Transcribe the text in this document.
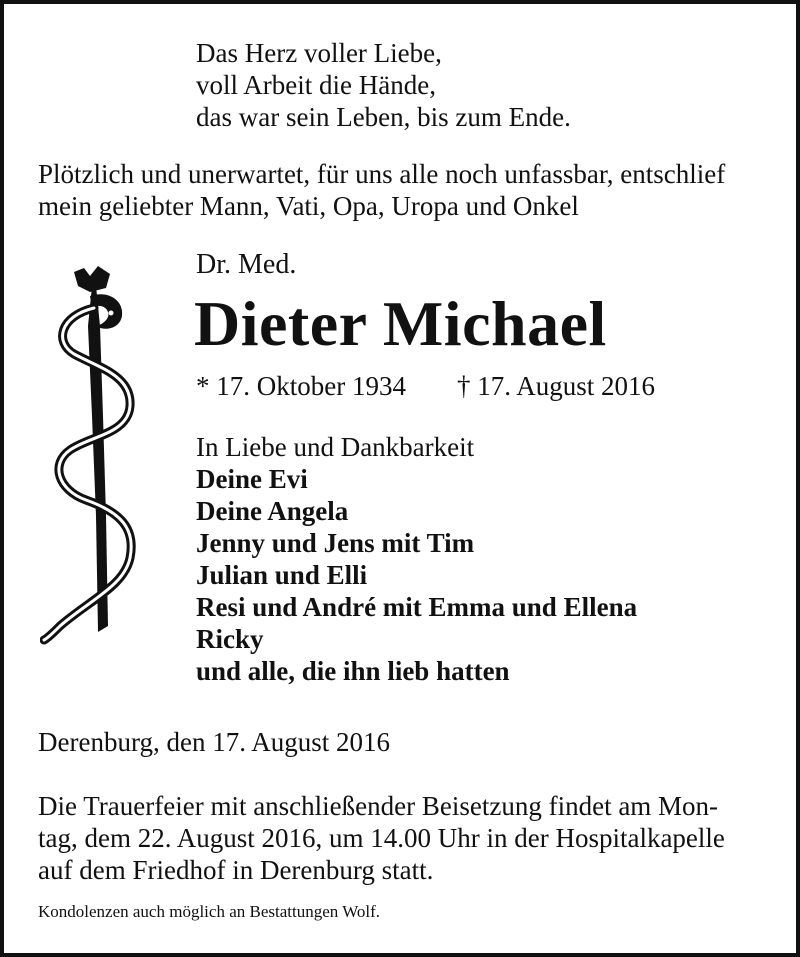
Das Herz voller Liebe,
voll Arbeit die Hände,
das war sein Leben, bis zum Ende.
Plötzlich und unerwartet, für uns alle noch unfassbar, entschlief
mein geliebter Mann, Vati, Opa, Uropa und Onkel
Dr. Med.
Dieter Michael
* 17. Oktober 1934 † 17. August 2016
In Liebe und Dankbarkeit
Deine Evi
Deine Angela
Jenny und Jens mit Tim
Julian und Elli
Resi und André mit Emma und Ellena
Ricky
und alle, die ihn lieb hatten
Derenburg, den 17. August 2016
Die Trauerfeier mit anschließender Beisetzung findet am Mon-
tag, dem 22. August 2016, um 14.00 Uhr in der Hospitalkapelle
auf dem Friedhof in Derenburg statt.
Kondolenzen auch möglich an Bestattungen Wolf.
